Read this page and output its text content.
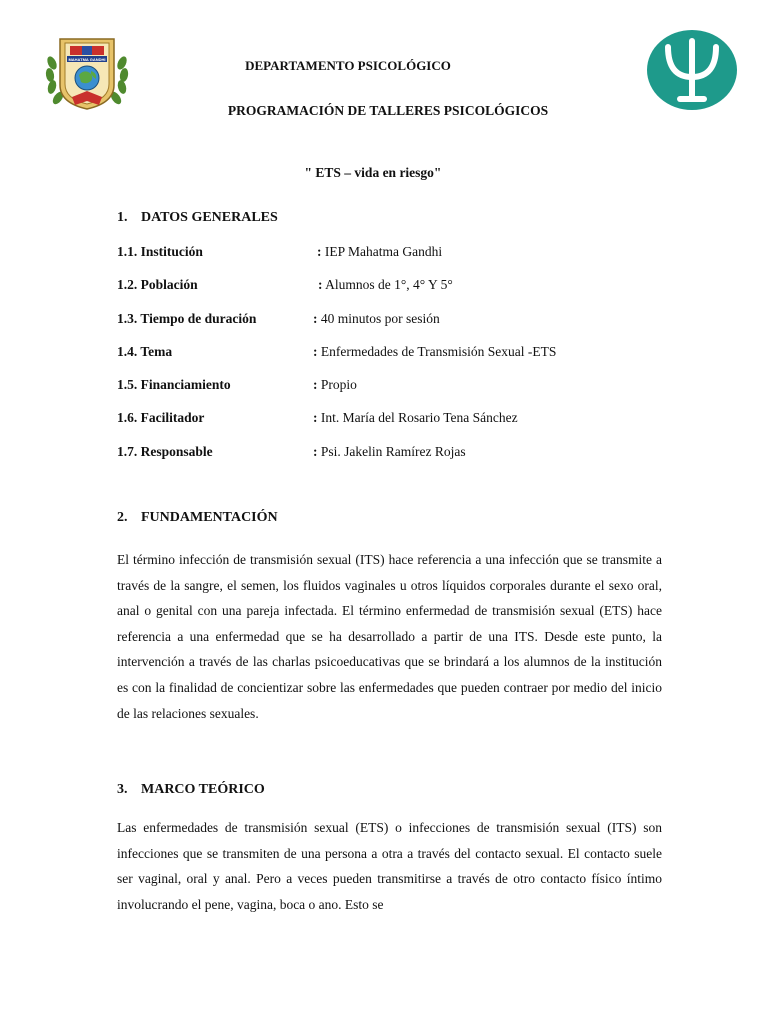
MAHATMA GANDHI	DEPARTAMENTO PSICOLÓGICO
PROGRAMACIÓN DE TALLERES PSICOLÓGICOS
" ETS – vida en riesgo"
1. DATOS GENERALES
1.1. Institución	: IEP Mahatma Gandhi
1.2. Población	: Alumnos de 1°, 4° Y 5°
1.3. Tiempo de duración	: 40 minutos por sesión
1.4. Tema	: Enfermedades de Transmisión Sexual -ETS
1.5. Financiamiento	: Propio
1.6. Facilitador	: Int. María del Rosario Tena Sánchez
1.7. Responsable	: Psi. Jakelin Ramírez Rojas
2. FUNDAMENTACIÓN

El término infección de transmisión sexual (ITS) hace referencia a una infección que se transmite a través de la sangre, el semen, los fluidos vaginales u otros líquidos corporales durante el sexo oral, anal o genital con una pareja infectada. El término enfermedad de transmisión sexual (ETS) hace referencia a una enfermedad que se ha desarrollado a partir de una ITS. Desde este punto, la intervención a través de las charlas psicoeducativas que se brindará a los alumnos de la institución es con la finalidad de concientizar sobre las enfermedades que pueden contraer por medio del inicio de las relaciones sexuales.

3. MARCO TEÓRICO

Las enfermedades de transmisión sexual (ETS) o infecciones de transmisión sexual (ITS) son infecciones que se transmiten de una persona a otra a través del contacto sexual. El contacto suele ser vaginal, oral y anal. Pero a veces pueden transmitirse a través de otro contacto físico íntimo involucrando el pene, vagina, boca o ano. Esto se
